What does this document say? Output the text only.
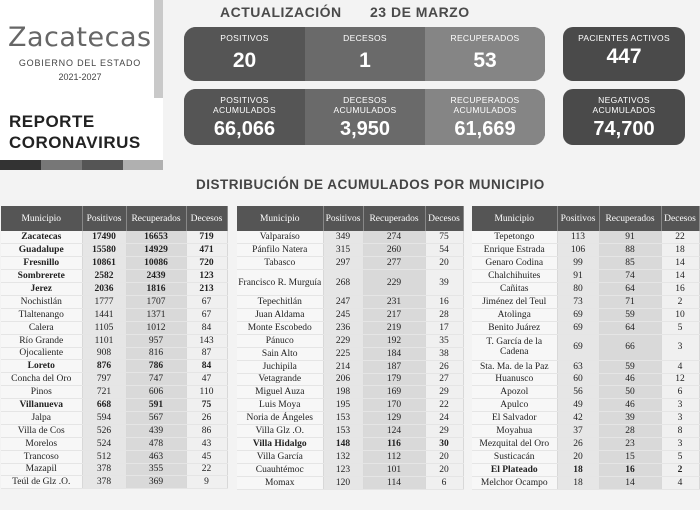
Zacatecas
GOBIERNO DEL ESTADO
2021-2027
REPORTE
CORONAVIRUS
ACTUALIZACIÓN 23 DE MARZO
POSITIVOS
20
DECESOS
1
RECUPERADOS
53
PACIENTES ACTIVOS
447
POSITIVOS
ACUMULADOS
66,066
DECESOS
ACUMULADOS
3,950
RECUPERADOS
ACUMULADOS
61,669
NEGATIVOS
ACUMULADOS
74,700
DISTRIBUCIÓN DE ACUMULADOS POR MUNICIPIO
Municipio	Positivos	Recuperados	Decesos
Zacatecas	17490	16653	719
Guadalupe	15580	14929	471
Fresnillo	10861	10086	720
Sombrerete	2582	2439	123
Jerez	2036	1816	213
Nochistlán	1777	1707	67
Tlaltenango	1441	1371	67
Calera	1105	1012	84
Río Grande	1101	957	143
Ojocaliente	908	816	87
Loreto	876	786	84
Concha del Oro	797	747	47
Pinos	721	606	110
Villanueva	668	591	75
Jalpa	594	567	26
Villa de Cos	526	439	86
Morelos	524	478	43
Trancoso	512	463	45
Mazapil	378	355	22
Teúl de Glz .O.	378	369	9
Municipio	Positivos	Recuperados	Decesos
Valparaíso	349	274	75
Pánfilo Natera	315	260	54
Tabasco	297	277	20
Francisco R. Murguía	268	229	39
Tepechitlán	247	231	16
Juan Aldama	245	217	28
Monte Escobedo	236	219	17
Pánuco	229	192	35
Sain Alto	225	184	38
Juchipila	214	187	26
Vetagrande	206	179	27
Miguel Auza	198	169	29
Luis Moya	195	170	22
Noria de Ángeles	153	129	24
Villa Glz .O.	153	124	29
Villa Hidalgo	148	116	30
Villa García	132	112	20
Cuauhtémoc	123	101	20
Momax	120	114	6
Municipio	Positivos	Recuperados	Decesos
Tepetongo	113	91	22
Enrique Estrada	106	88	18
Genaro Codina	99	85	14
Chalchihuites	91	74	14
Cañitas	80	64	16
Jiménez del Teul	73	71	2
Atolinga	69	59	10
Benito Juárez	69	64	5
T. García de la Cadena	69	66	3
Sta. Ma. de la Paz	63	59	4
Huanusco	60	46	12
Apozol	56	50	6
Apulco	49	46	3
El Salvador	42	39	3
Moyahua	37	28	8
Mezquital del Oro	26	23	3
Susticacán	20	15	5
El Plateado	18	16	2
Melchor Ocampo	18	14	4
